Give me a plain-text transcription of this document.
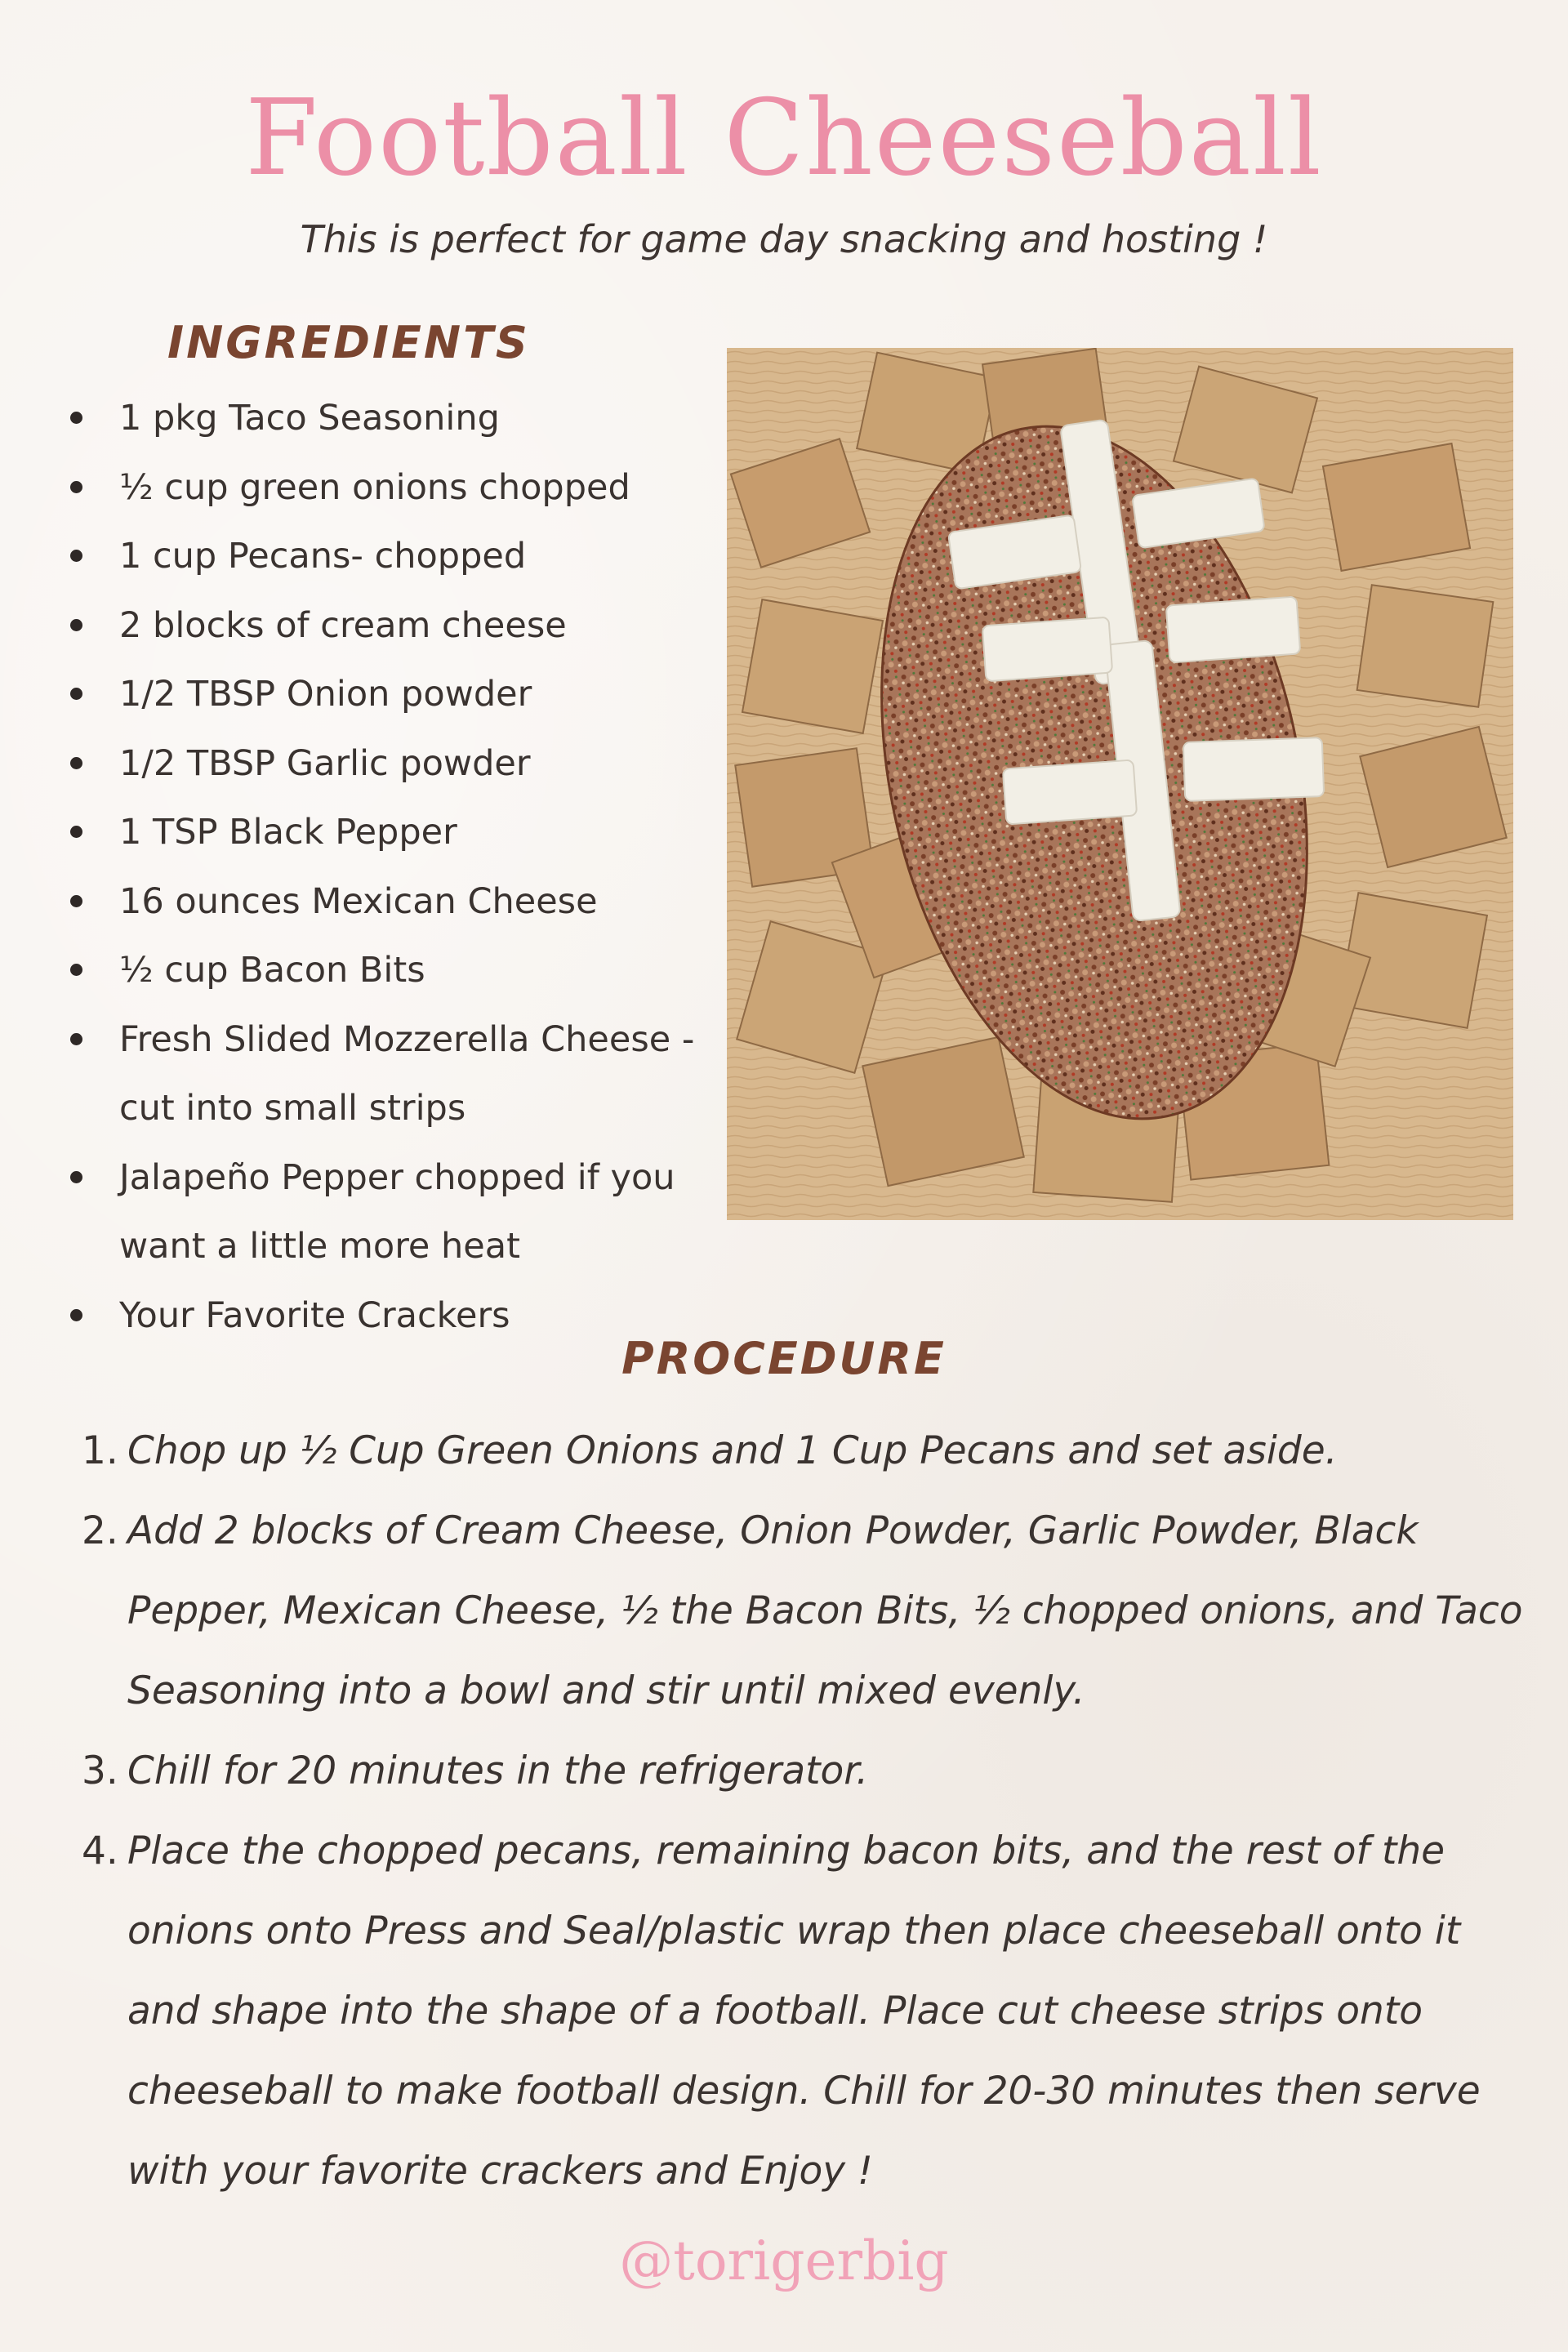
Football Cheeseball
This is perfect for game day snacking and hosting !
INGREDIENTS
1 pkg Taco Seasoning
½ cup green onions chopped
1 cup Pecans- chopped
2 blocks of cream cheese
1/2 TBSP Onion powder
1/2 TBSP Garlic powder
1 TSP Black Pepper
16 ounces Mexican Cheese
½ cup Bacon Bits
Fresh Slided Mozzerella Cheese - cut into small strips
Jalapeño Pepper chopped if you want a little more heat
Your Favorite Crackers
PROCEDURE
1. Chop up ½ Cup Green Onions and 1 Cup Pecans and set aside.
2. Add 2 blocks of Cream Cheese, Onion Powder, Garlic Powder, Black Pepper, Mexican Cheese, ½ the Bacon Bits, ½ chopped onions, and Taco Seasoning into a bowl and stir until mixed evenly.
3. Chill for 20 minutes in the refrigerator.
4. Place the chopped pecans, remaining bacon bits, and the rest of the onions onto Press and Seal/plastic wrap then place cheeseball onto it and shape into the shape of a football. Place cut cheese strips onto cheeseball to make football design. Chill for 20-30 minutes then serve with your favorite crackers and Enjoy !
@torigerbig
